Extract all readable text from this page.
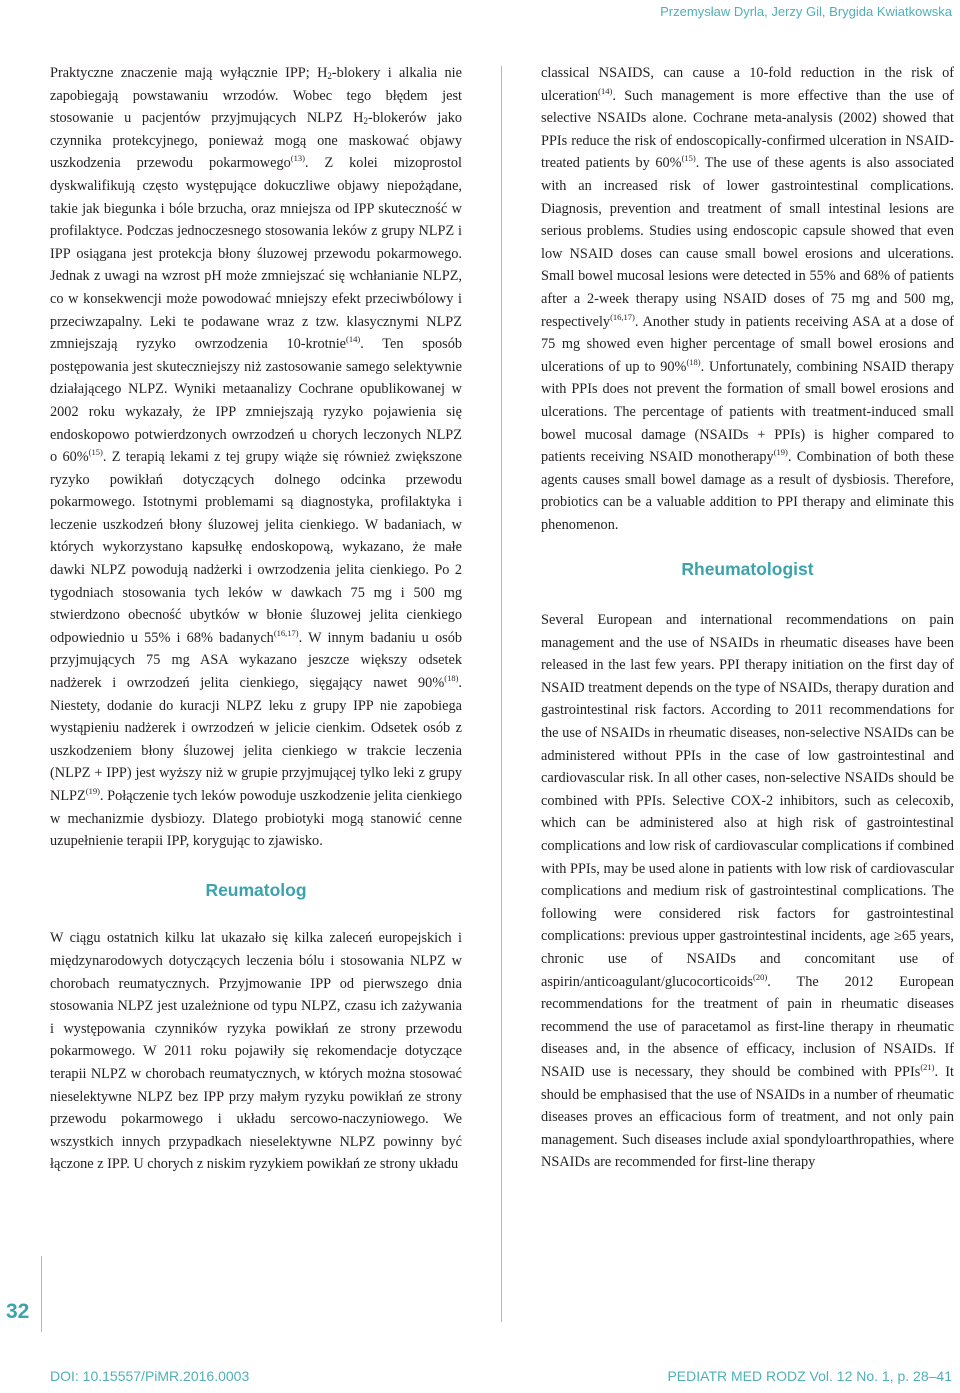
Przemysław Dyrla, Jerzy Gil, Brygida Kwiatkowska

Praktyczne znaczenie mają wyłącznie IPP; $H_2$-blokery i alkalia nie zapobiegają powstawaniu wrzodów. Wobec tego błędem jest stosowanie u pacjentów przyjmujących NLPZ $H_2$-blokerów jako czynnika protekcyjnego, ponieważ mogą one maskować objawy uszkodzenia przewodu pokarmowego$^{(13)}$. Z kolei mizoprostol dyskwalifikują często występujące dokuczliwe objawy niepożądane, takie jak biegunka i bóle brzucha, oraz mniejsza od IPP skuteczność w profilaktyce. Podczas jednoczesnego stosowania leków z grupy NLPZ i IPP osiągana jest protekcja błony śluzowej przewodu pokarmowego. Jednak z uwagi na wzrost pH może zmniejszać się wchłanianie NLPZ, co w konsekwencji może powodować mniejszy efekt przeciwbólowy i przeciwzapalny. Leki te podawane wraz z tzw. klasycznymi NLPZ zmniejszają ryzyko owrzodzenia 10-krotnie$^{(14)}$. Ten sposób postępowania jest skuteczniejszy niż zastosowanie samego selektywnie działającego NLPZ. Wyniki metaanalizy Cochrane opublikowanej w 2002 roku wykazały, że IPP zmniejszają ryzyko pojawienia się endoskopowo potwierdzonych owrzodzeń u chorych leczonych NLPZ o 60%$^{(15)}$. Z terapią lekami z tej grupy wiąże się również zwiększone ryzyko powikłań dotyczących dolnego odcinka przewodu pokarmowego. Istotnymi problemami są diagnostyka, profilaktyka i leczenie uszkodzeń błony śluzowej jelita cienkiego. W badaniach, w których wykorzystano kapsułkę endoskopową, wykazano, że małe dawki NLPZ powodują nadżerki i owrzodzenia jelita cienkiego. Po 2 tygodniach stosowania tych leków w dawkach 75 mg i 500 mg stwierdzono obecność ubytków w błonie śluzowej jelita cienkiego odpowiednio u 55% i 68% badanych$^{(16,17)}$. W innym badaniu u osób przyjmujących 75 mg ASA wykazano jeszcze większy odsetek nadżerek i owrzodzeń jelita cienkiego, sięgający nawet 90%$^{(18)}$. Niestety, dodanie do kuracji NLPZ leku z grupy IPP nie zapobiega wystąpieniu nadżerek i owrzodzeń w jelicie cienkim. Odsetek osób z uszkodzeniem błony śluzowej jelita cienkiego w trakcie leczenia (NLPZ + IPP) jest wyższy niż w grupie przyjmującej tylko leki z grupy NLPZ$^{(19)}$. Połączenie tych leków powoduje uszkodzenie jelita cienkiego w mechanizmie dysbiozy. Dlatego probiotyki mogą stanowić cenne uzupełnienie terapii IPP, korygując to zjawisko.

Reumatolog

W ciągu ostatnich kilku lat ukazało się kilka zaleceń europejskich i międzynarodowych dotyczących leczenia bólu i stosowania NLPZ w chorobach reumatycznych. Przyjmowanie IPP od pierwszego dnia stosowania NLPZ jest uzależnione od typu NLPZ, czasu ich zażywania i występowania czynników ryzyka powikłań ze strony przewodu pokarmowego. W 2011 roku pojawiły się rekomendacje dotyczące terapii NLPZ w chorobach reumatycznych, w których można stosować nieselektywne NLPZ bez IPP przy małym ryzyku powikłań ze strony przewodu pokarmowego i układu sercowo-naczyniowego. We wszystkich innych przypadkach nieselektywne NLPZ powinny być łączone z IPP. U chorych z niskim ryzykiem powikłań ze strony układu

classical NSAIDS, can cause a 10-fold reduction in the risk of ulceration$^{(14)}$. Such management is more effective than the use of selective NSAIDs alone. Cochrane meta-analysis (2002) showed that PPIs reduce the risk of endoscopically-confirmed ulceration in NSAID-treated patients by 60%$^{(15)}$. The use of these agents is also associated with an increased risk of lower gastrointestinal complications. Diagnosis, prevention and treatment of small intestinal lesions are serious problems. Studies using endoscopic capsule showed that even low NSAID doses can cause small bowel erosions and ulcerations. Small bowel mucosal lesions were detected in 55% and 68% of patients after a 2-week therapy using NSAID doses of 75 mg and 500 mg, respectively$^{(16,17)}$. Another study in patients receiving ASA at a dose of 75 mg showed even higher percentage of small bowel erosions and ulcerations of up to 90%$^{(18)}$. Unfortunately, combining NSAID therapy with PPIs does not prevent the formation of small bowel erosions and ulcerations. The percentage of patients with treatment-induced small bowel mucosal damage (NSAIDs + PPIs) is higher compared to patients receiving NSAID monotherapy$^{(19)}$. Combination of both these agents causes small bowel damage as a result of dysbiosis. Therefore, probiotics can be a valuable addition to PPI therapy and eliminate this phenomenon.

Rheumatologist

Several European and international recommendations on pain management and the use of NSAIDs in rheumatic diseases have been released in the last few years. PPI therapy initiation on the first day of NSAID treatment depends on the type of NSAIDs, therapy duration and gastrointestinal risk factors. According to 2011 recommendations for the use of NSAIDs in rheumatic diseases, non-selective NSAIDs can be administered without PPIs in the case of low gastrointestinal and cardiovascular risk. In all other cases, non-selective NSAIDs should be combined with PPIs. Selective COX-2 inhibitors, such as celecoxib, which can be administered also at high risk of gastrointestinal complications and low risk of cardiovascular complications if combined with PPIs, may be used alone in patients with low risk of cardiovascular complications and medium risk of gastrointestinal complications. The following were considered risk factors for gastrointestinal complications: previous upper gastrointestinal incidents, age ≥65 years, chronic use of NSAIDs and concomitant use of aspirin/anticoagulant/glucocorticoids$^{(20)}$. The 2012 European recommendations for the treatment of pain in rheumatic diseases recommend the use of paracetamol as first-line therapy in rheumatic diseases and, in the absence of efficacy, inclusion of NSAIDs. If NSAID use is necessary, they should be combined with PPIs$^{(21)}$. It should be emphasised that the use of NSAIDs in a number of rheumatic diseases proves an efficacious form of treatment, and not only pain management. Such diseases include axial spondyloarthropathies, where NSAIDs are recommended for first-line therapy

32
DOI: 10.15557/PiMR.2016.0003	PEDIATR MED RODZ Vol. 12 No. 1, p. 28–41
